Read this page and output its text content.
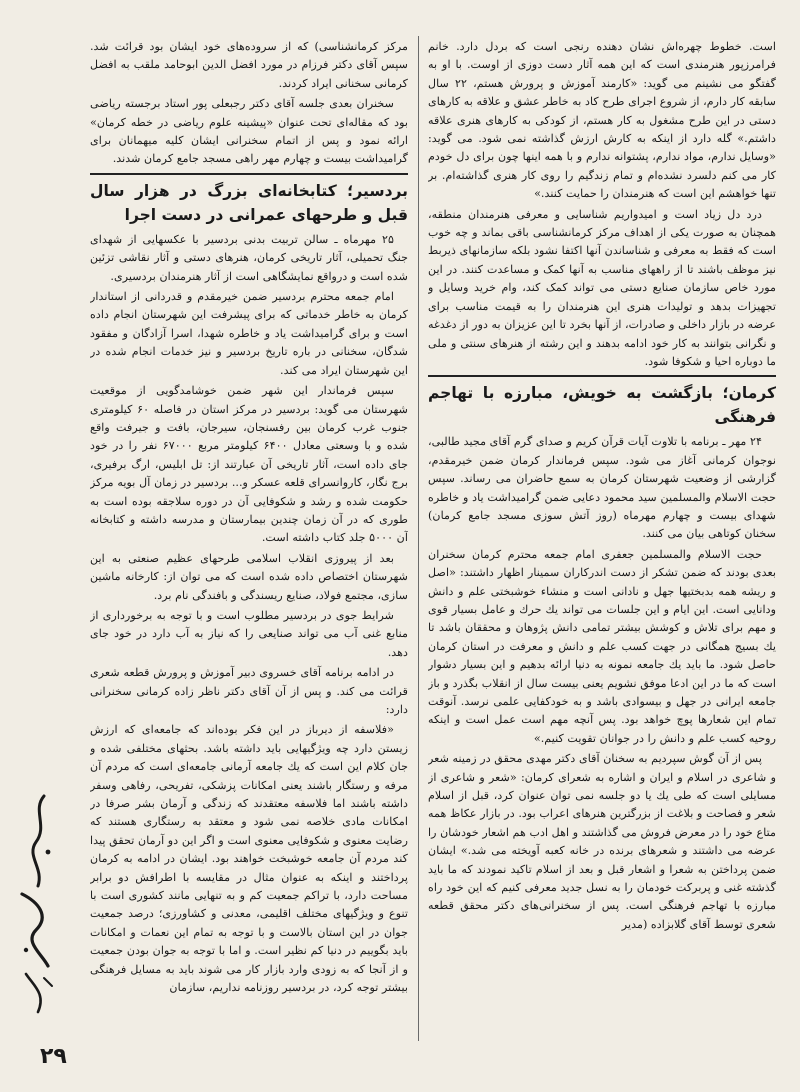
است. خطوط چهره‌اش نشان دهنده رنجی است که بردل دارد. خانم فرامرزپور هنرمندی است که این همه آثار دست دوزی از اوست. با او به گفتگو می نشینم می گوید: «کارمند آموزش و پرورش هستم، ۲۲ سال سابقه کار دارم، از شروع اجرای طرح کاد به خاطر عشق و علاقه به کارهای دستی در این طرح مشغول به کار هستم، از کودکی به کارهای هنری علاقه داشتم.» گله دارد از اینکه به کارش ارزش گذاشته نمی شود. می گوید: «وسایل ندارم، مواد ندارم، پشتوانه ندارم و با همه اینها چون برای دل خودم کار می کنم دلسرد نشده‌ام و تمام زندگیم را روی کار هنری گذاشته‌ام. بر تنها خواهشم این است که هنرمندان را حمایت کنند.»

درد دل زیاد است و امیدواریم شناسایی و معرفی هنرمندان منطقه، همچنان به صورت یکی از اهداف مرکز کرمانشناسی باقی بماند و چه خوب است که فقط به معرفی و شناساندن آنها اکتفا نشود بلکه سازمانهای ذیربط نیز موظف باشند تا از راههای مناسب به آنها کمک و مساعدت کنند. در این مورد خاص سازمان صنایع دستی می تواند کمک کند، وام خرید وسایل و تجهیزات بدهد و تولیدات هنری این هنرمندان را به قیمت مناسب برای عرضه در بازار داخلی و صادرات، از آنها بخرد تا این عزیزان به دور از دغدغه و نگرانی بتوانند به کار خود ادامه بدهند و این رشته از هنرهای سنتی و ملی ما دوباره احیا و شکوفا شود.

کرمان؛ بازگشت به خویش، مبارزه با تهاجم فرهنگی

۲۴ مهر ـ برنامه با تلاوت آیات قرآن کریم و صدای گرم آقای مجید طالبی، نوجوان کرمانی آغاز می شود. سپس فرماندار کرمان ضمن خیرمقدم، گزارشی از وضعیت شهرستان کرمان به سمع حاضران می رساند. سپس حجت الاسلام والمسلمین سید محمود دعایی ضمن گرامیداشت یاد و خاطره شهدای بیست و چهارم مهرماه (روز آتش سوزی مسجد جامع کرمان) سخنان کوتاهی بیان می کنند.

حجت الاسلام والمسلمین جعفری امام جمعه محترم کرمان سخنران بعدی بودند که ضمن تشکر از دست اندرکاران سمینار اظهار داشتند: «اصل و ریشه همه بدبختیها جهل و نادانی است و منشاء خوشبختی علم و دانش ودانایی است. این ایام و این جلسات می تواند یك حرك و عامل بسیار قوی و مهم برای تلاش و كوشش بیشتر تمامی دانش پژوهان و محققان باشد تا یك بسیج همگانی در جهت كسب علم و دانش و معرفت در استان كرمان حاصل شود. ما باید یك جامعه نمونه به دنیا ارائه بدهیم و این بسیار دشوار است كه ما در این ادعا موفق نشویم یعنی بیست سال از انقلاب بگذرد و باز جامعه ایرانی در جهل و بیسوادی باشد و به خودكفایی علمی نرسد. آنوقت تمام این شعارها پوچ خواهد بود. پس آنچه مهم است عمل است و اینكه روحیه كسب علم و دانش را در جوانان تقویت كنیم.»

پس از آن گوش سپردیم به سخنان آقای دكتر مهدی محقق در زمینه شعر و شاعری در اسلام و ایران و اشاره به شعرای كرمان: «شعر و شاعری از مسایلی است كه طی یك یا دو جلسه نمی توان عنوان كرد، قبل از اسلام شعر و فصاحت و بلاغت از بزرگترین هنرهای اعراب بود. در بازار عكاظ همه متاع خود را در معرض فروش می گذاشتند و اهل ادب هم اشعار خودشان را عرضه می داشتند و شعرهای برنده در خانه كعبه آویخته می شد.» ایشان ضمن پرداختن به شعرا و اشعار قبل و بعد از اسلام تاكید نمودند كه ما باید گذشته غنی و پربركت خودمان را به نسل جدید معرفی كنیم كه این خود راه مبارزه با تهاجم فرهنگی است. پس از سخنرانی‌های دكتر محقق قطعه شعری توسط آقای گلابزاده (مدیر

مركز كرمانشناسی) كه از سروده‌های خود ایشان بود قرائت شد. سپس آقای دكتر فرزام در مورد افضل الدین ابوحامد ملقب به افضل كرمانی سخنانی ایراد كردند.

سخنران بعدی جلسه آقای دكتر رجبعلی پور استاد برجسته ریاضی بود كه مقاله‌ای تحت عنوان «پیشینه علوم ریاضی در خطه كرمان» ارائه نمود و پس از اتمام سخنرانی ایشان كلیه میهمانان برای گرامیداشت بیست و چهارم مهر راهی مسجد جامع كرمان شدند.

بردسیر؛ كتابخانه‌ای بزرگ در هزار سال قبل و طرحهای عمرانی در دست اجرا

۲۵ مهرماه ـ سالن تربیت بدنی بردسیر با عكسهایی از شهدای جنگ تحمیلی، آثار تاریخی كرمان، هنرهای دستی و آثار نقاشی تزئین شده است و درواقع نمایشگاهی است از آثار هنرمندان بردسیری.

امام جمعه محترم بردسیر ضمن خیرمقدم و قدردانی از استاندار كرمان به خاطر خدماتی كه برای پیشرفت این شهرستان انجام داده است و برای گرامیداشت یاد و خاطره شهدا، اسرا آزادگان و مفقود شدگان، سخنانی در باره تاریخ بردسیر و نیز خدمات انجام شده در این شهرستان ایراد می كند.

سپس فرماندار این شهر ضمن خوشامدگویی از موقعیت شهرستان می گوید: بردسیر در مركز استان در فاصله ۶۰ كیلومتری جنوب غرب كرمان بین رفسنجان، سیرجان، بافت و جیرفت واقع شده و با وسعتی معادل ۶۴۰۰ كیلومتر مربع ۶۷۰۰۰ نفر را در خود جای داده است، آثار تاریخی آن عبارتند از: تل ابلیس، ارگ برفیری، برج نگار، كاروانسرای قلعه عسكر و... بردسیر در زمان آل بویه مركز حكومت شده و رشد و شكوفایی آن در دوره سلاجقه بوده است به طوری كه در آن زمان چندین بیمارستان و مدرسه داشته و كتابخانه آن ۵۰۰۰ جلد كتاب داشته است.

بعد از پیروزی انقلاب اسلامی طرحهای عظیم صنعتی به این شهرستان اختصاص داده شده است كه می توان از: كارخانه ماشین سازی، مجتمع فولاد، صنایع ریسندگی و بافندگی نام برد.

شرایط جوی در بردسیر مطلوب است و با توجه به برخورداری از منابع غنی آب می تواند صنایعی را كه نیاز به آب دارد در خود جای دهد.

در ادامه برنامه آقای خسروی دبیر آموزش و پرورش قطعه شعری قرائت می كند. و پس از آن آقای دكتر ناظر زاده كرمانی سخنرانی دارد:

«فلاسفه از دیرباز در این فكر بوده‌اند كه جامعه‌ای كه ارزش زیستن دارد چه ویژگیهایی باید داشته باشد. بحثهای مختلفی شده و جان كلام این است كه یك جامعه آرمانی جامعه‌ای است كه مردم آن مرفه و رستگار باشند یعنی امكانات پزشكی، تفریحی، رفاهی وسفر داشته باشند اما فلاسفه معتقدند كه زندگی و آرمان بشر صرفا در امكانات مادی خلاصه نمی شود و معتقد به رستگاری هستند كه رضایت معنوی و شكوفایی معنوی است و اگر این دو آرمان تحقق پیدا كند مردم آن جامعه خوشبخت خواهند بود. ایشان در ادامه به كرمان پرداختند و اینكه به عنوان مثال در مقایسه با اطرافش دو برابر مساحت دارد، با تراكم جمعیت كم و به تنهایی مانند كشوری است با تنوع و ویژگیهای مختلف اقلیمی، معدنی و كشاورزی؛ درصد جمعیت جوان در این استان بالاست و با توجه به تمام این نعمات و امكانات باید بگوییم در دنیا كم نظیر است. و اما با توجه به جوان بودن جمعیت و از آنجا كه به زودی وارد بازار كار می شوند باید به مسایل فرهنگی بیشتر توجه كرد، در بردسیر روزنامه نداریم، سازمان

۲۹
